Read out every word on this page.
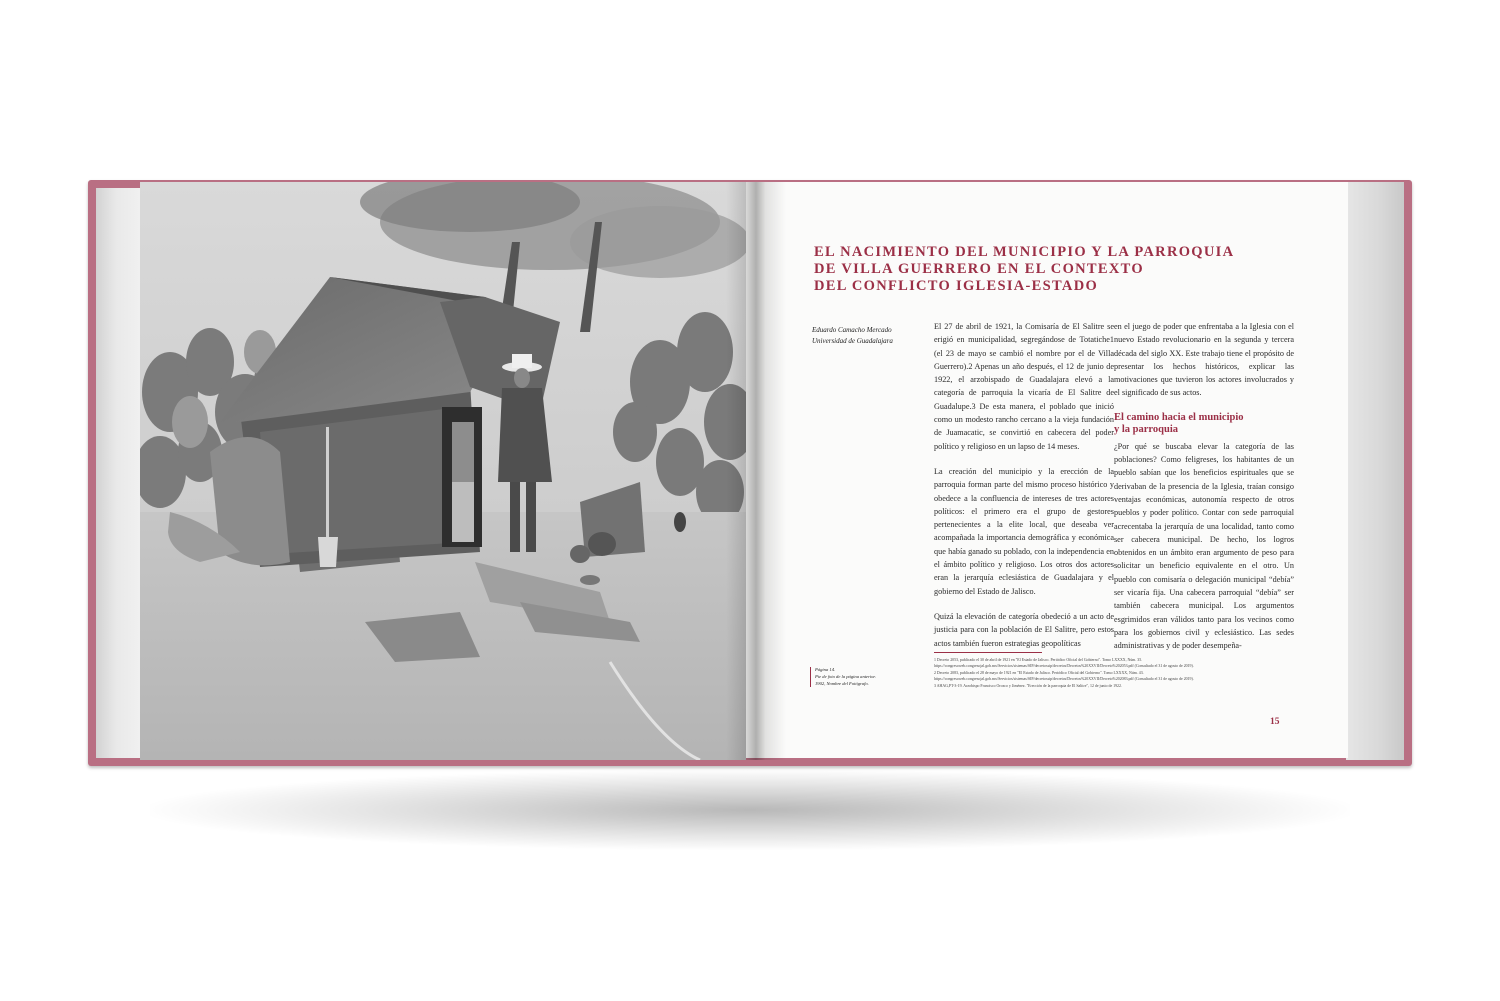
EL NACIMIENTO DEL MUNICIPIO Y LA PARROQUIA
DE VILLA GUERRERO EN EL CONTEXTO
DEL CONFLICTO IGLESIA-ESTADO
Eduardo Camacho Mercado
Universidad de Guadalajara

El 27 de abril de 1921, la Comisaría de El Salitre se erigió en municipalidad, segregándose de Totatiche1 (el 23 de mayo se cambió el nombre por el de Villa Guerrero).2 Apenas un año después, el 12 de junio de 1922, el arzobispado de Guadalajara elevó a la categoría de parroquia la vicaría de El Salitre de Guadalupe.3 De esta manera, el poblado que inició como un modesto rancho cercano a la vieja fundación de Juamacatic, se convirtió en cabecera del poder político y religioso en un lapso de 14 meses.

La creación del municipio y la erección de la parroquia forman parte del mismo proceso histórico y obedece a la confluencia de intereses de tres actores políticos: el primero era el grupo de gestores pertenecientes a la elite local, que deseaba ver acompañada la importancia demográfica y económica que había ganado su poblado, con la independencia en el ámbito político y religioso. Los otros dos actores eran la jerarquía eclesiástica de Guadalajara y el gobierno del Estado de Jalisco.

Quizá la elevación de categoría obedeció a un acto de justicia para con la población de El Salitre, pero estos actos también fueron estrategias geopolíticas

en el juego de poder que enfrentaba a la Iglesia con el nuevo Estado revolucionario en la segunda y tercera década del siglo XX. Este trabajo tiene el propósito de presentar los hechos históricos, explicar las motivaciones que tuvieron los actores involucrados y el significado de sus actos.

El camino hacia el municipio
y la parroquia

¿Por qué se buscaba elevar la categoría de las poblaciones? Como feligreses, los habitantes de un pueblo sabían que los beneficios espirituales que se derivaban de la presencia de la Iglesia, traían consigo ventajas económicas, autonomía respecto de otros pueblos y poder político. Contar con sede parroquial acrecentaba la jerarquía de una localidad, tanto como ser cabecera municipal. De hecho, los logros obtenidos en un ámbito eran argumento de peso para solicitar un beneficio equivalente en el otro. Un pueblo con comisaría o delegación municipal “debía” ser vicaría fija. Una cabecera parroquial “debía” ser también cabecera municipal. Los argumentos esgrimidos eran válidos tanto para los vecinos como para los gobiernos civil y eclesiástico. Las sedes administrativas y de poder desempeña-

1 Decreto 2053, publicado el 30 de abril de 1921 en "El Estado de Jalisco. Periódico Oficial del Gobierno". Tomo LXXXX, Núm. 35. https://congresoweb.congresojal.gob.mx/Servicios/sistemas/SIP/decretossip/decretos/Decretos%20XXVII/Decreto%202053.pdf (Consultado el 31 de agosto de 2019).
2 Decreto 2083, publicado el 28 de mayo de 1921 en "El Estado de Jalisco. Periódico Oficial del Gobierno". Tomo LXXXX, Núm. 43. https://congresoweb.congresojal.gob.mx/Servicios/sistemas/SIP/decretossip/decretos/Decretos%20XXVII/Decreto%202083.pdf (Consultado el 31 de agosto de 2019).
3 AHAG,PT-3-19. Arzobispo Francisco Orozco y Jiménez. "Erección de la parroquia de El Salitre", 12 de junio de 1922.
Página 14.
Pie de foto de la página anterior.
1902, Nombre del Fotógrafo.
15
